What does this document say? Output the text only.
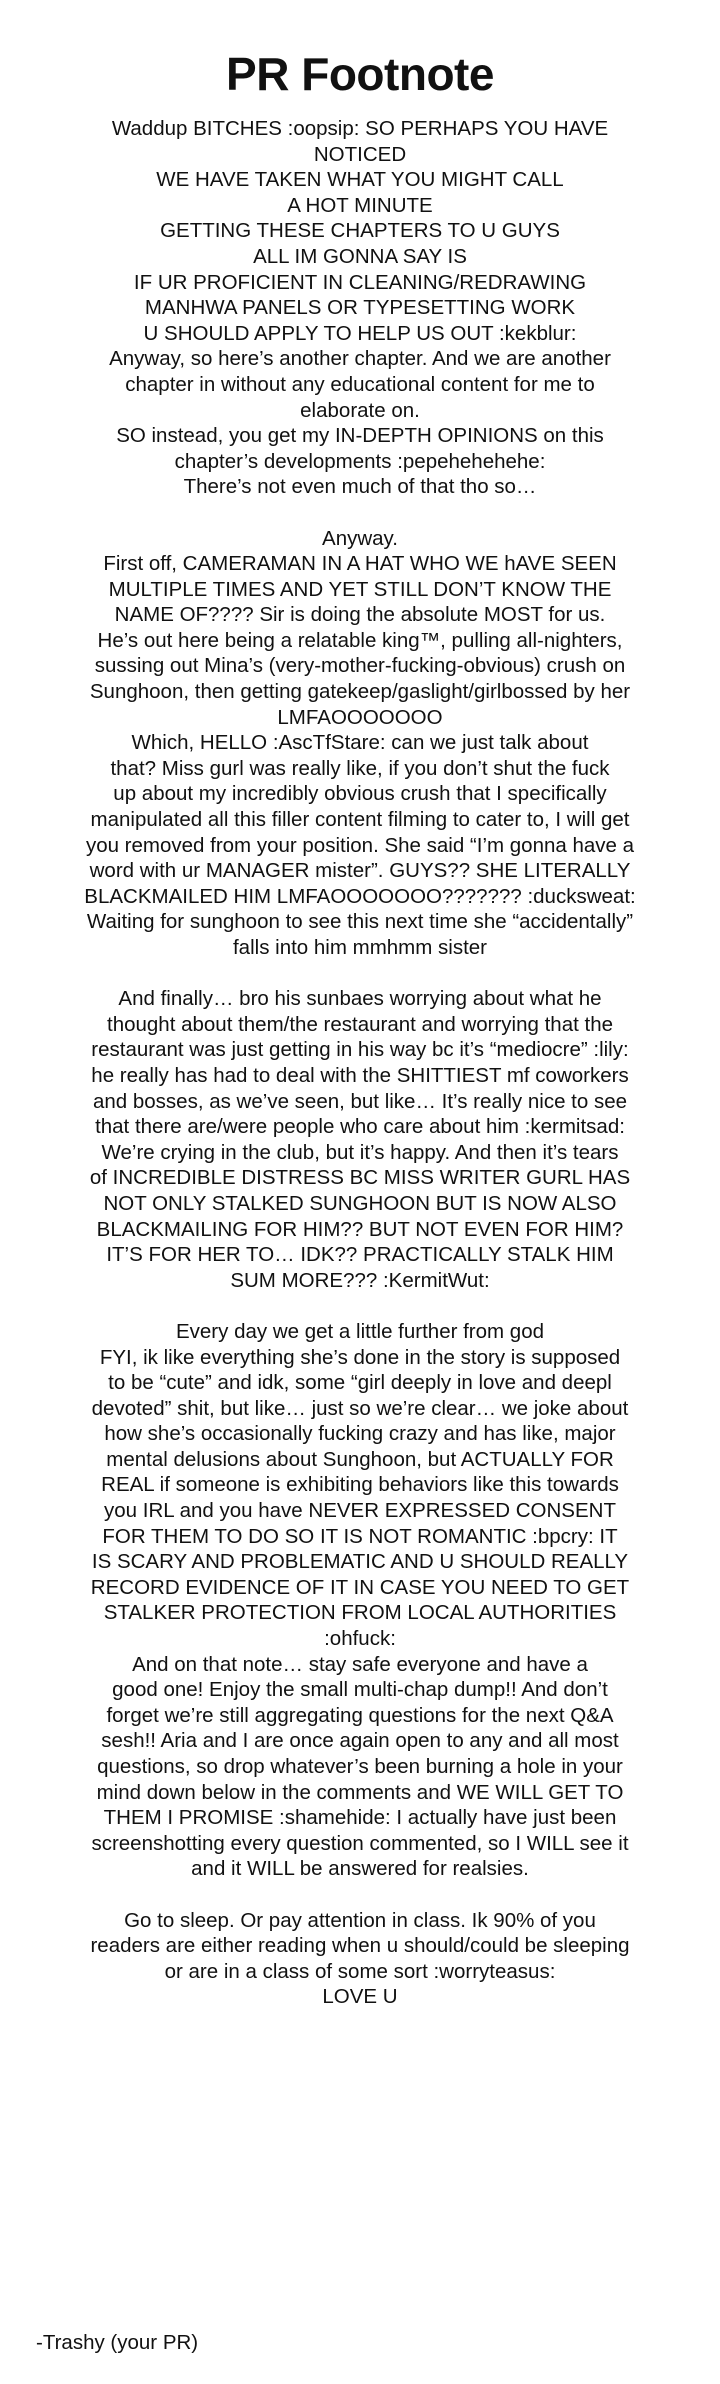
PR Footnote
Waddup BITCHES :oopsip: SO PERHAPS YOU HAVE
NOTICED
WE HAVE TAKEN WHAT YOU MIGHT CALL
A HOT MINUTE
GETTING THESE CHAPTERS TO U GUYS
ALL IM GONNA SAY IS
IF UR PROFICIENT IN CLEANING/REDRAWING
MANHWA PANELS OR TYPESETTING WORK
U SHOULD APPLY TO HELP US OUT :kekblur:
Anyway, so here’s another chapter. And we are another
chapter in without any educational content for me to
elaborate on.
SO instead, you get my IN-DEPTH OPINIONS on this
chapter’s developments :pepehehehehe:
There’s not even much of that tho so…
Anyway.
First off, CAMERAMAN IN A HAT WHO WE hAVE SEEN
MULTIPLE TIMES AND YET STILL DON’T KNOW THE
NAME OF???? Sir is doing the absolute MOST for us.
He’s out here being a relatable king™, pulling all-nighters,
sussing out Mina’s (very-mother-fucking-obvious) crush on
Sunghoon, then getting gatekeep/gaslight/girlbossed by her
LMFAOOOOOOO
Which, HELLO :AscTfStare: can we just talk about
that? Miss gurl was really like, if you don’t shut the fuck
up about my incredibly obvious crush that I specifically
manipulated all this filler content filming to cater to, I will get
you removed from your position. She said “I’m gonna have a
word with ur MANAGER mister”. GUYS?? SHE LITERALLY
BLACKMAILED HIM LMFAOOOOOOO??????? :ducksweat:
Waiting for sunghoon to see this next time she “accidentally”
falls into him mmhmm sister
And finally… bro his sunbaes worrying about what he
thought about them/the restaurant and worrying that the
restaurant was just getting in his way bc it’s “mediocre” :lily:
he really has had to deal with the SHITTIEST mf coworkers
and bosses, as we’ve seen, but like… It’s really nice to see
that there are/were people who care about him :kermitsad:
We’re crying in the club, but it’s happy. And then it’s tears
of INCREDIBLE DISTRESS BC MISS WRITER GURL HAS
NOT ONLY STALKED SUNGHOON BUT IS NOW ALSO
BLACKMAILING FOR HIM?? BUT NOT EVEN FOR HIM?
IT’S FOR HER TO… IDK?? PRACTICALLY STALK HIM
SUM MORE??? :KermitWut:
Every day we get a little further from god
FYI, ik like everything she’s done in the story is supposed
to be “cute” and idk, some “girl deeply in love and deepl
devoted” shit, but like… just so we’re clear… we joke about
how she’s occasionally fucking crazy and has like, major
mental delusions about Sunghoon, but ACTUALLY FOR
REAL if someone is exhibiting behaviors like this towards
you IRL and you have NEVER EXPRESSED CONSENT
FOR THEM TO DO SO IT IS NOT ROMANTIC :bpcry: IT
IS SCARY AND PROBLEMATIC AND U SHOULD REALLY
RECORD EVIDENCE OF IT IN CASE YOU NEED TO GET
STALKER PROTECTION FROM LOCAL AUTHORITIES
:ohfuck:
And on that note… stay safe everyone and have a
good one! Enjoy the small multi-chap dump!! And don’t
forget we’re still aggregating questions for the next Q&A
sesh!! Aria and I are once again open to any and all most
questions, so drop whatever’s been burning a hole in your
mind down below in the comments and WE WILL GET TO
THEM I PROMISE :shamehide: I actually have just been
screenshotting every question commented, so I WILL see it
and it WILL be answered for realsies.
Go to sleep. Or pay attention in class. Ik 90% of you
readers are either reading when u should/could be sleeping
or are in a class of some sort :worryteasus:
LOVE U

-Trashy (your PR)
